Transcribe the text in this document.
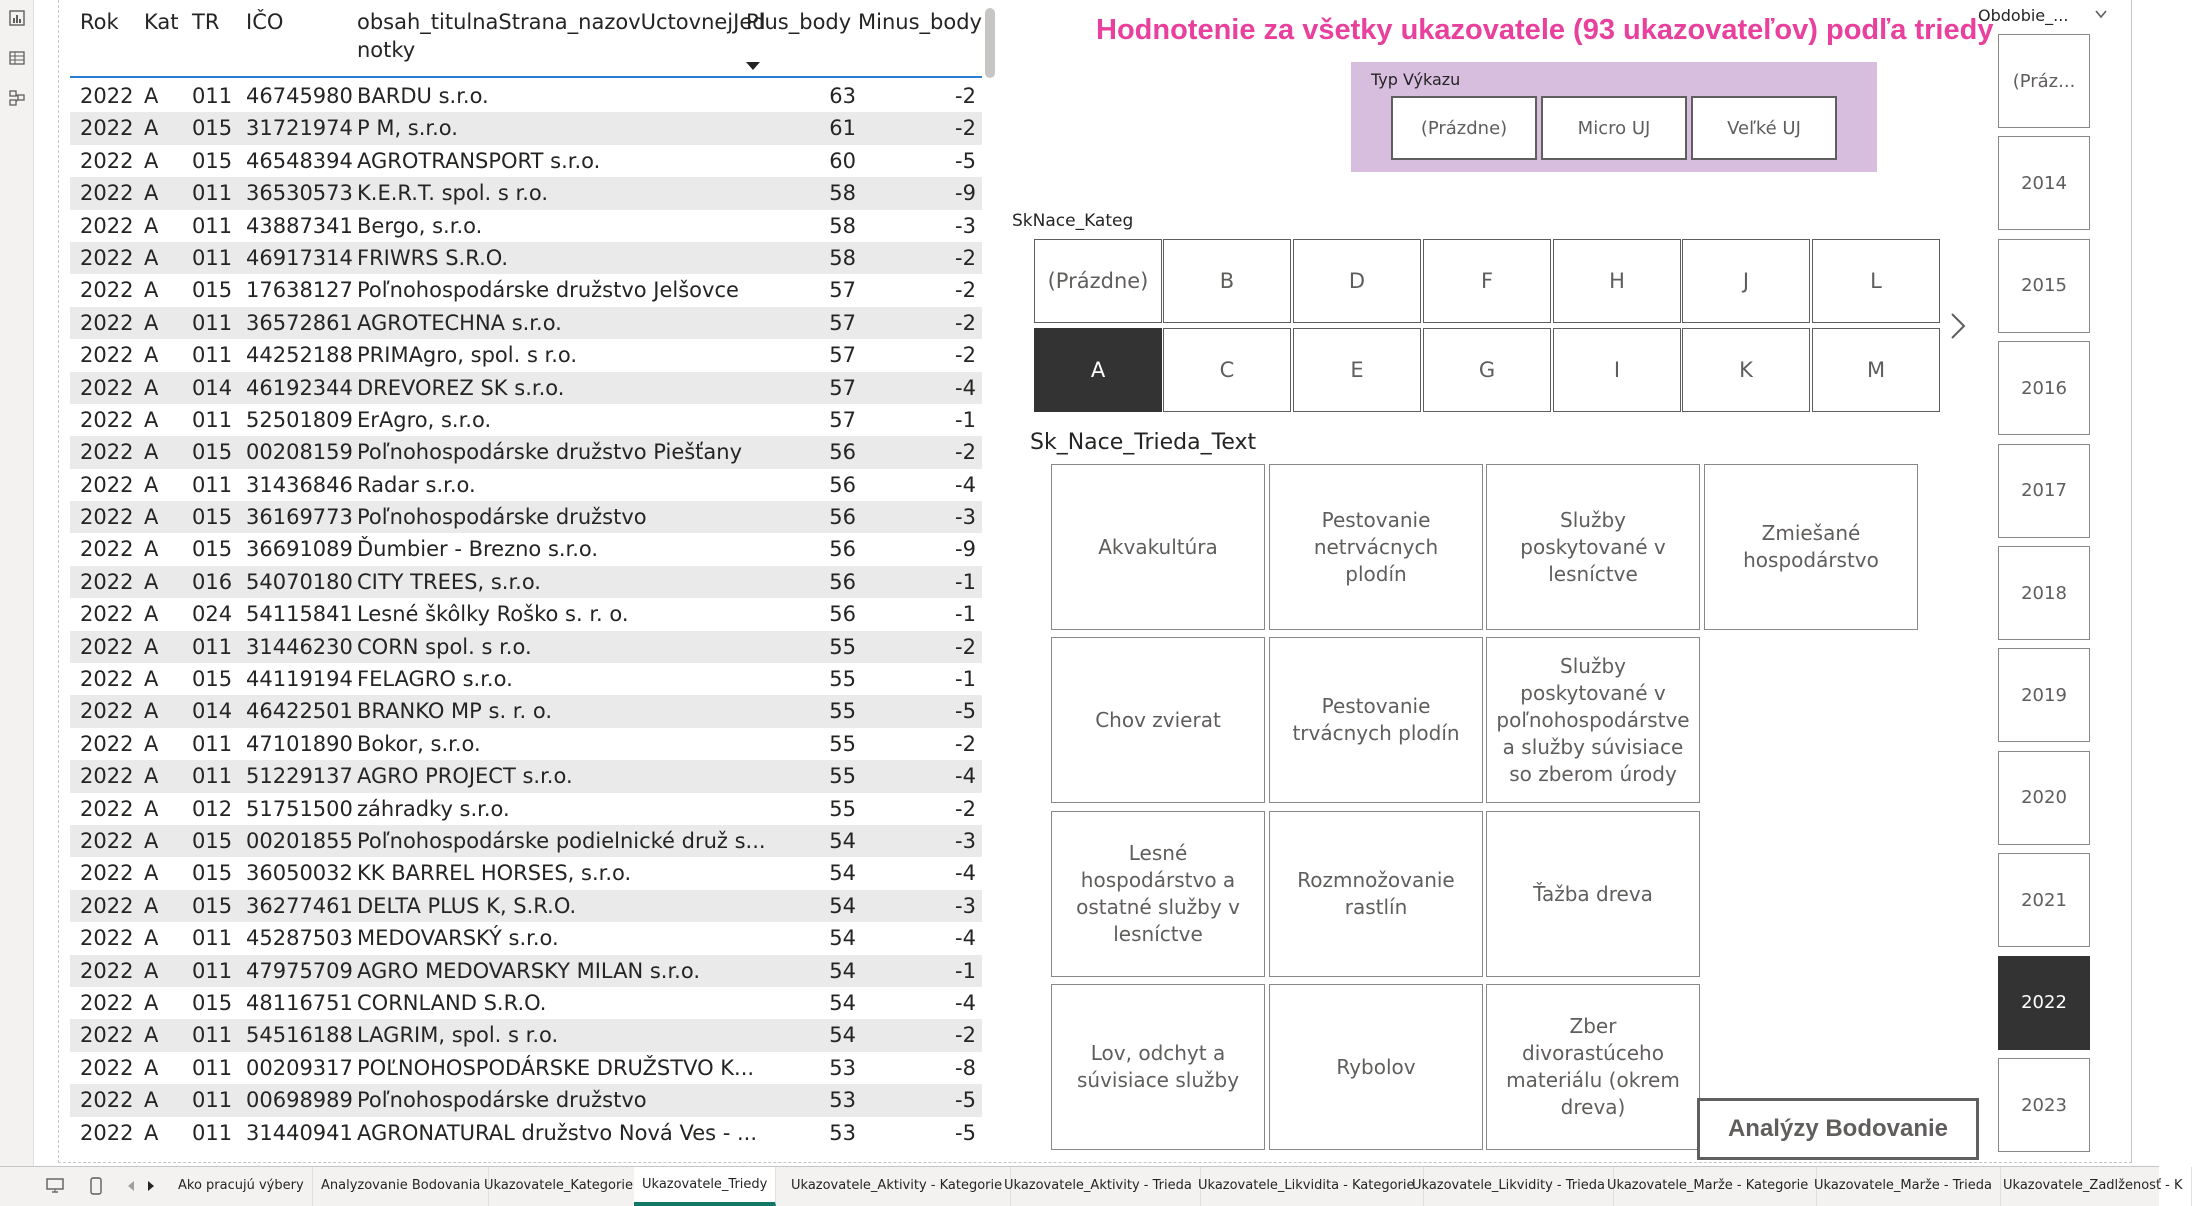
Rok Kat TR IČO	obsah_titulnaStrana_nazovUctovnejJed
notky
Plus_body Minus_body
2022 A 011 46745980 BARDU s.r.o.	63	-2
2022 A 015 31721974 P M, s.r.o.	61	-2
2022 A 015 46548394 AGROTRANSPORT s.r.o.	60	-5
2022 A 011 36530573 K.E.R.T. spol. s r.o.	58	-9
2022 A 011 43887341 Bergo, s.r.o.	58	-3
2022 A 011 46917314 FRIWRS S.R.O.	58	-2
2022 A 015 17638127 Poľnohospodárske družstvo Jelšovce	57	-2
2022 A 011 36572861 AGROTECHNA s.r.o.	57	-2
2022 A 011 44252188 PRIMAgro, spol. s r.o.	57	-2
2022 A 014 46192344 DREVOREZ SK s.r.o.	57	-4
2022 A 011 52501809 ErAgro, s.r.o.	57	-1
2022 A 015 00208159 Poľnohospodárske družstvo Piešťany	56	-2
2022 A 011 31436846 Radar s.r.o.	56	-4
2022 A 015 36169773 Poľnohospodárske družstvo	56	-3
2022 A 015 36691089 Ďumbier - Brezno s.r.o.	56	-9
2022 A 016 54070180 CITY TREES, s.r.o.	56	-1
2022 A 024 54115841 Lesné škôlky Roško s. r. o.	56	-1
2022 A 011 31446230 CORN spol. s r.o.	55	-2
2022 A 015 44119194 FELAGRO s.r.o.	55	-1
2022 A 014 46422501 BRANKO MP s. r. o.	55	-5
2022 A 011 47101890 Bokor, s.r.o.	55	-2
2022 A 011 51229137 AGRO PROJECT s.r.o.	55	-4
2022 A 012 51751500 záhradky s.r.o.	55	-2
2022 A 015 00201855 Poľnohospodárske podielnické druž s...	54	-3
2022 A 015 36050032 KK BARREL HORSES, s.r.o.	54	-4
2022 A 015 36277461 DELTA PLUS K, S.R.O.	54	-3
2022 A 011 45287503 MEDOVARSKÝ s.r.o.	54	-4
2022 A 011 47975709 AGRO MEDOVARSKY MILAN s.r.o.	54	-1
2022 A 015 48116751 CORNLAND S.R.O.	54	-4
2022 A 011 54516188 LAGRIM, spol. s r.o.	54	-2
2022 A 011 00209317 POĽNOHOSPODÁRSKE DRUŽSTVO K...	53	-8
2022 A 011 00698989 Poľnohospodárske družstvo	53	-5
2022 A 011 31440941 AGRONATURAL družstvo Nová Ves - ...	53	-5
Hodnotenie za všetky ukazovatele (93 ukazovateľov) podľa triedy
Typ Výkazu
(Prázdne)	Micro UJ	Veľké UJ
SkNace_Kateg
(Prázdne)	B	D	F	H	J	L
A	C	E	G	I	K	M
Sk_Nace_Trieda_Text
Akvakultúra
Pestovanie netrvácnych plodín
Služby poskytované v lesníctve
Zmiešané hospodárstvo
Chov zvierat
Pestovanie trvácnych plodín
Služby poskytované v poľnohospodárstve a služby súvisiace so zberom úrody
Lesné hospodárstvo a ostatné služby v lesníctve
Rozmnožovanie rastlín
Ťažba dreva
Lov, odchyt a súvisiace služby
Rybolov
Zber divorastúceho materiálu (okrem dreva)
Analýzy Bodovanie
Obdobie_...
(Práz...
2014
2015
2016
2017
2018
2019
2020
2021
2022
2023
Ako pracujú výbery	Analyzovanie Bodovania Ukazovatele_Kategorie Ukazovatele_Triedy	Ukazovatele_Aktivity - Kategorie Ukazovatele_Aktivity - Trieda Ukazovatele_Likvidita - Kategorie
Ukazovatele_Likvidity - Trieda Ukazovatele_Marže - Kategorie Ukazovatele_Marže - Trieda Ukazovatele_Zadlženosť - K
